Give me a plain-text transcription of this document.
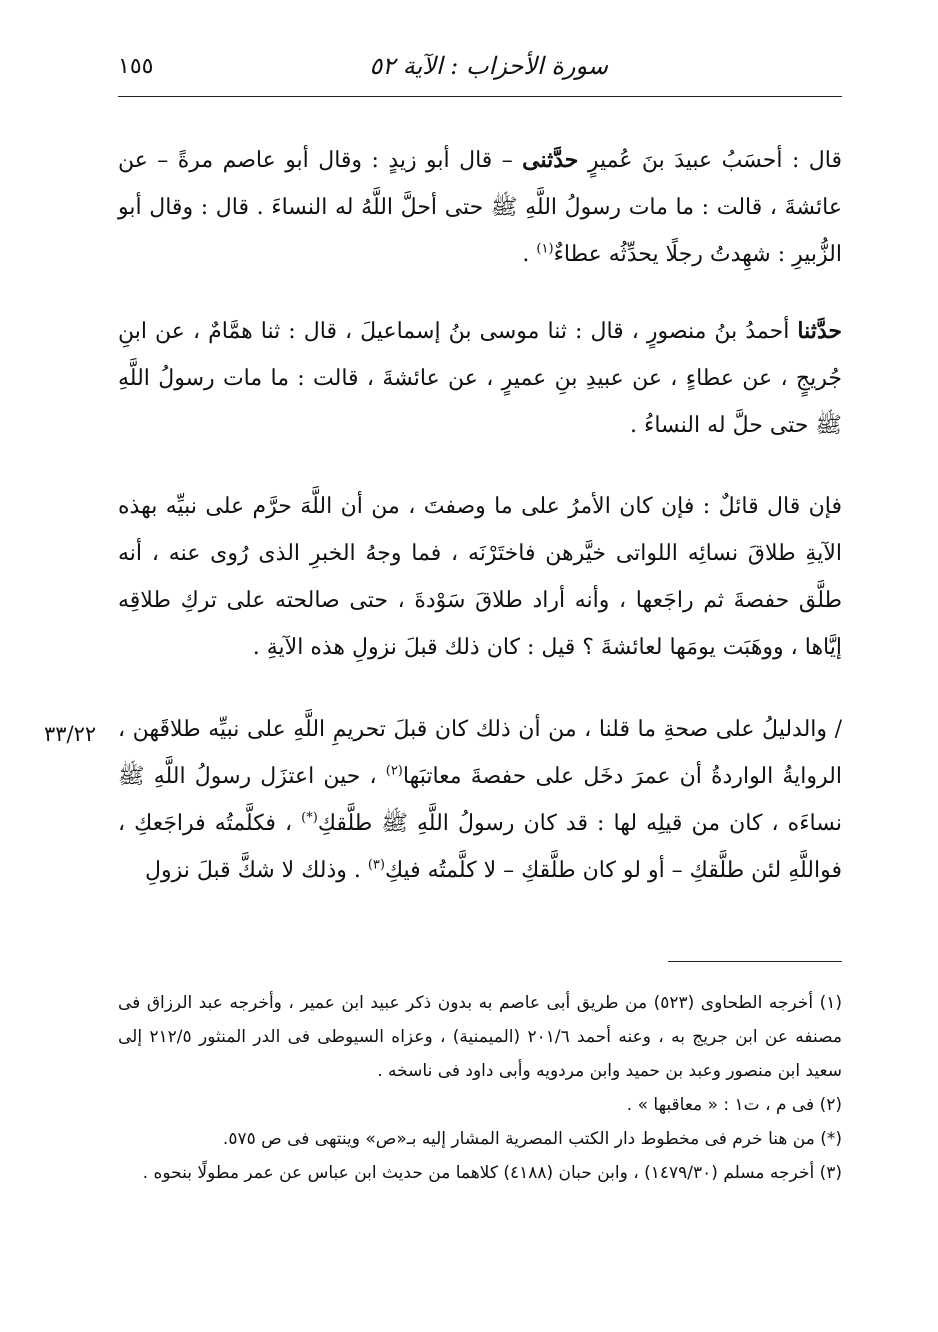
سورة الأحزاب : الآية ٥٢
١٥٥

قال : أحسَبُ عبيدَ بنَ عُميرٍ حدَّثنى – قال أبو زيدٍ : وقال أبو عاصم مرةً – عن عائشةَ ، قالت : ما مات رسولُ اللَّهِ ﷺ حتى أحلَّ اللَّهُ له النساءَ . قال : وقال أبو الزُّبيرِ : شهِدتُ رجلًا يحدِّثُه عطاءٌ$^{(١)}$ .

حدَّثنا أحمدُ بنُ منصورٍ ، قال : ثنا موسى بنُ إسماعيلَ ، قال : ثنا همَّامٌ ، عن ابنِ جُريجٍ ، عن عطاءٍ ، عن عبيدِ بنِ عميرٍ ، عن عائشةَ ، قالت : ما مات رسولُ اللَّهِ ﷺ حتى حلَّ له النساءُ .

فإن قال قائلٌ : فإن كان الأمرُ على ما وصفتَ ، من أن اللَّهَ حرَّم على نبيِّه بهذه الآيةِ طلاقَ نسائِه اللواتى خيَّرهن فاختَرْنَه ، فما وجهُ الخبرِ الذى رُوى عنه ، أنه طلَّق حفصةَ ثم راجَعها ، وأنه أراد طلاقَ سَوْدةَ ، حتى صالحته على تركِ طلاقِه إيَّاها ، ووهَبَت يومَها لعائشةَ ؟ قيل : كان ذلك قبلَ نزولِ هذه الآيةِ .

/ والدليلُ على صحةِ ما قلنا ، من أن ذلك كان قبلَ تحريمِ اللَّهِ على نبيِّه طلاقَهن ، الروايةُ الواردةُ أن عمرَ دخَل على حفصةَ معاتبَها$^{(٢)}$ ، حين اعتزَل رسولُ اللَّهِ ﷺ نساءَه ، كان من قيلِه لها : قد كان رسولُ اللَّهِ ﷺ طلَّقكِ(*) ، فكلَّمتُه فراجَعكِ ، فواللَّهِ لئن طلَّقكِ – أو لو كان طلَّقكِ – لا كلَّمتُه فيكِ$^{(٣)}$ . وذلك لا شكَّ قبلَ نزولِ

٣٣/٢٢

(١) أخرجه الطحاوى (٥٢٣) من طريق أبى عاصم به بدون ذكر عبيد ابن عمير ، وأخرجه عبد الرزاق فى مصنفه عن ابن جريج به ، وعنه أحمد ٢٠١/٦ (الميمنية) ، وعزاه السيوطى فى الدر المنثور ٢١٢/٥ إلى سعيد ابن منصور وعبد بن حميد وابن مردويه وأبى داود فى ناسخه .

(٢) فى م ، ت١ : « معاقبها » .

(*) من هنا خرم فى مخطوط دار الكتب المصرية المشار إليه بـ«ص» وينتهى فى ص ٥٧٥.

(٣) أخرجه مسلم (١٤٧٩/٣٠) ، وابن حبان (٤١٨٨) كلاهما من حديث ابن عباس عن عمر مطولًا بنحوه .
